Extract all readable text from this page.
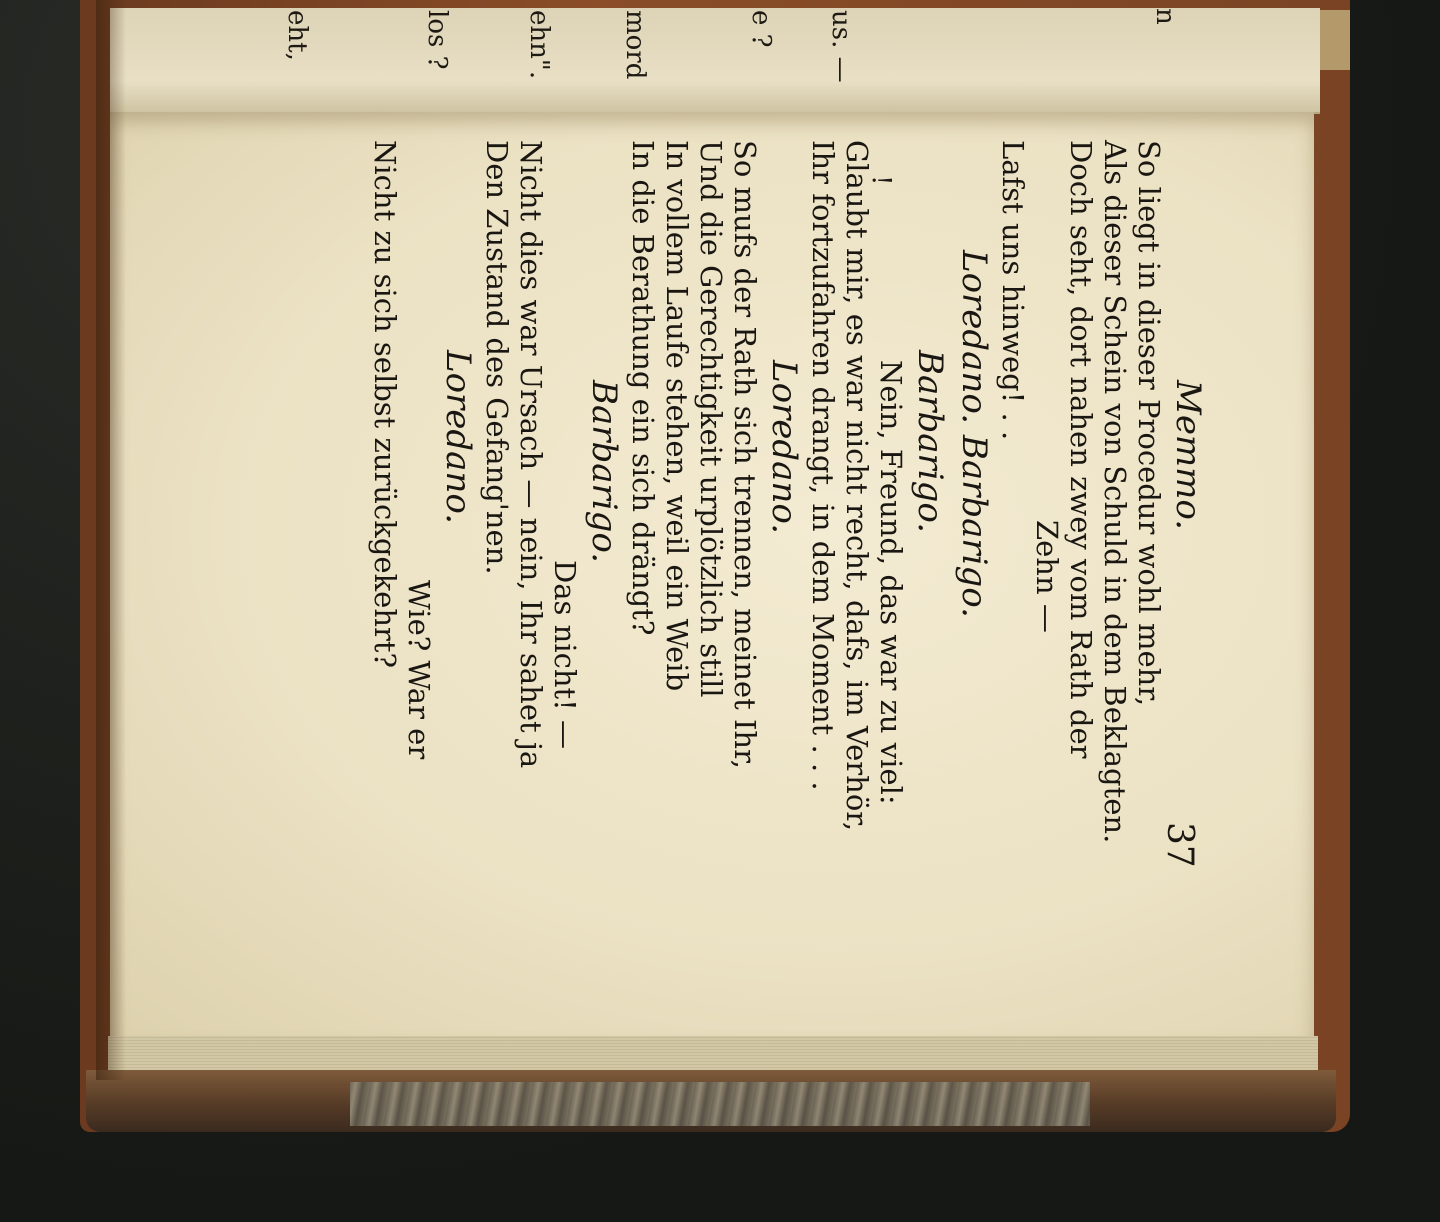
n
!
us. —
e ?
mord
ehn".
los ?
eht,
Memmo.
So liegt in dieser Procedur wohl mehr,
Als dieser Schein von Schuld in dem Beklagten.
Doch seht, dort nahen zwey vom Rath der
Zehn —
Lafst uns hinweg! . .
Loredano. Barbarigo.
Barbarigo.
Nein, Freund, das war zu viel:
Glaubt mir, es war nicht recht, dafs, im Verhör,
Ihr fortzufahren drangt, in dem Moment . . .
Loredano.
So mufs der Rath sich trennen, meinet Ihr,
Und die Gerechtigkeit urplötzlich still
In vollem Laufe stehen, weil ein Weib
In die Berathung ein sich drängt?
Barbarigo.
Das nicht! —
Nicht dies war Ursach — nein, Ihr sahet ja
Den Zustand des Gefang'nen.
Loredano.
Wie? War er
Nicht zu sich selbst zurückgekehrt?
37
